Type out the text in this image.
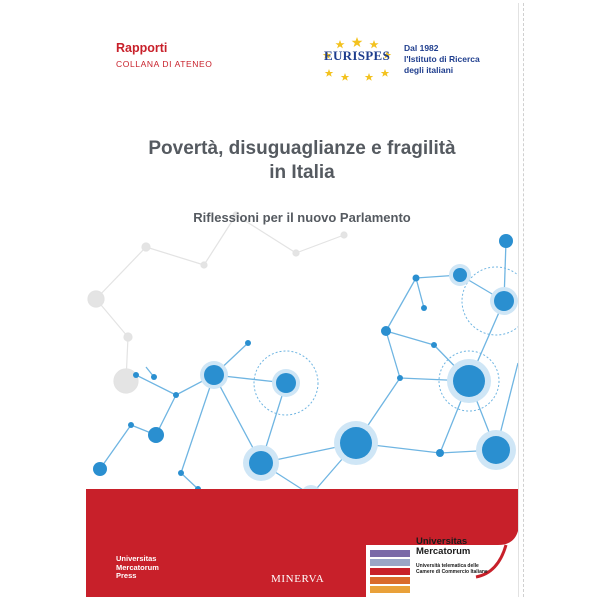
Rapporti
COLLANA DI ATENEO
EURISPES Dal 1982
l'Istituto di Ricerca
degli italiani
Povertà, disuguaglianze e fragilità
in Italia
Riflessioni per il nuovo Parlamento
Universitas
Mercatorum
Press	MINERVA
Universitas
Mercatorum
Università telematica delle
Camere di Commercio Italiane
